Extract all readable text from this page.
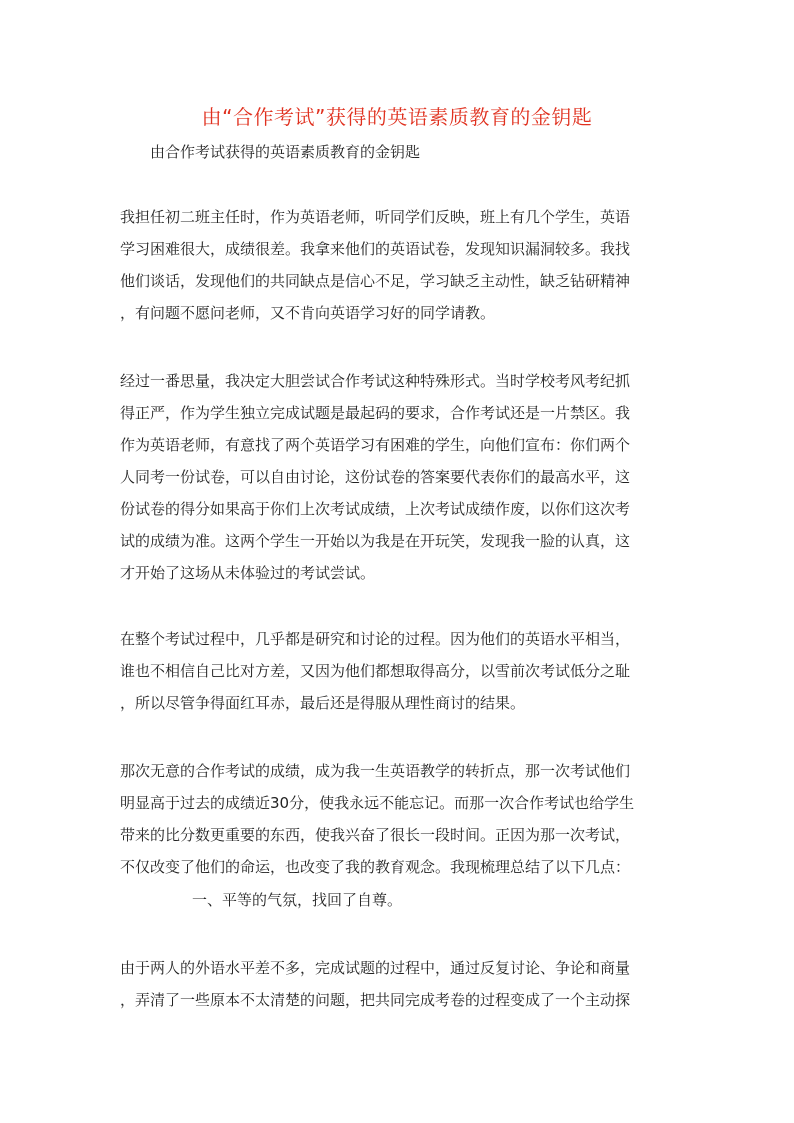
由“合作考试”获得的英语素质教育的金钥匙
由合作考试获得的英语素质教育的金钥匙
我担任初二班主任时，作为英语老师，听同学们反映，班上有几个学生，英语
学习困难很大，成绩很差。我拿来他们的英语试卷，发现知识漏洞较多。我找
他们谈话，发现他们的共同缺点是信心不足，学习缺乏主动性，缺乏钻研精神
，有问题不愿问老师，又不肯向英语学习好的同学请教。
经过一番思量，我决定大胆尝试合作考试这种特殊形式。当时学校考风考纪抓
得正严，作为学生独立完成试题是最起码的要求，合作考试还是一片禁区。我
作为英语老师，有意找了两个英语学习有困难的学生，向他们宣布：你们两个
人同考一份试卷，可以自由讨论，这份试卷的答案要代表你们的最高水平，这
份试卷的得分如果高于你们上次考试成绩，上次考试成绩作废，以你们这次考
试的成绩为准。这两个学生一开始以为我是在开玩笑，发现我一脸的认真，这
才开始了这场从未体验过的考试尝试。
在整个考试过程中，几乎都是研究和讨论的过程。因为他们的英语水平相当，
谁也不相信自己比对方差，又因为他们都想取得高分，以雪前次考试低分之耻
，所以尽管争得面红耳赤，最后还是得服从理性商讨的结果。
那次无意的合作考试的成绩，成为我一生英语教学的转折点，那一次考试他们
明显高于过去的成绩近30分，使我永远不能忘记。而那一次合作考试也给学生
带来的比分数更重要的东西，使我兴奋了很长一段时间。正因为那一次考试，
不仅改变了他们的命运，也改变了我的教育观念。我现梳理总结了以下几点：
一、平等的气氛，找回了自尊。
由于两人的外语水平差不多，完成试题的过程中，通过反复讨论、争论和商量
，弄清了一些原本不太清楚的问题，把共同完成考卷的过程变成了一个主动探
